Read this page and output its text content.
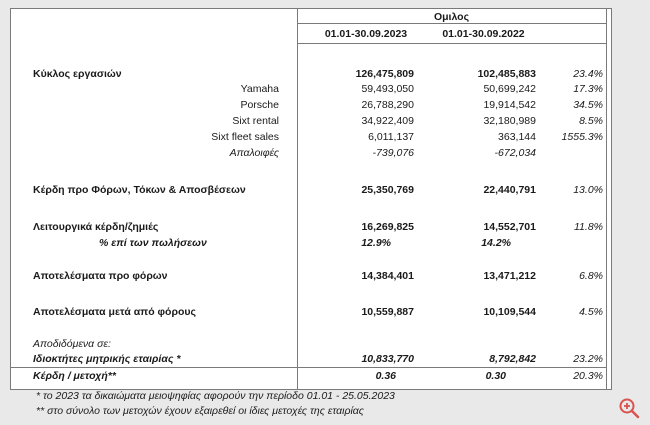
Ομιλος
01.01-30.09.2023	01.01-30.09.2022
Κύκλος εργασιών	126,475,809	102,485,883	23.4%
Yamaha	59,493,050	50,699,242	17.3%
Porsche	26,788,290	19,914,542	34.5%
Sixt rental	34,922,409	32,180,989	8.5%
Sixt fleet sales	6,011,137	363,144	1555.3%
Απαλοιφές	-739,076	-672,034
Κέρδη προ Φόρων, Τόκων & Αποσβέσεων	25,350,769	22,440,791	13.0%
Λειτουργικά κέρδη/ζημιές	16,269,825	14,552,701	11.8%
% επί των πωλήσεων	12.9%	14.2%
Αποτελέσματα προ φόρων	14,384,401	13,471,212	6.8%
Αποτελέσματα μετά από φόρους	10,559,887	10,109,544	4.5%
Αποδιδόμενα σε:
Ιδιοκτήτες μητρικής εταιρίας *	10,833,770	8,792,842	23.2%
Κέρδη / μετοχή**	0.36	0.30	20.3%
* το 2023 τα δικαιώματα μειοψηφίας αφορούν την περίοδο 01.01 - 25.05.2023
** στο σύνολο των μετοχών έχουν εξαιρεθεί οι ίδιες μετοχές της εταιρίας
